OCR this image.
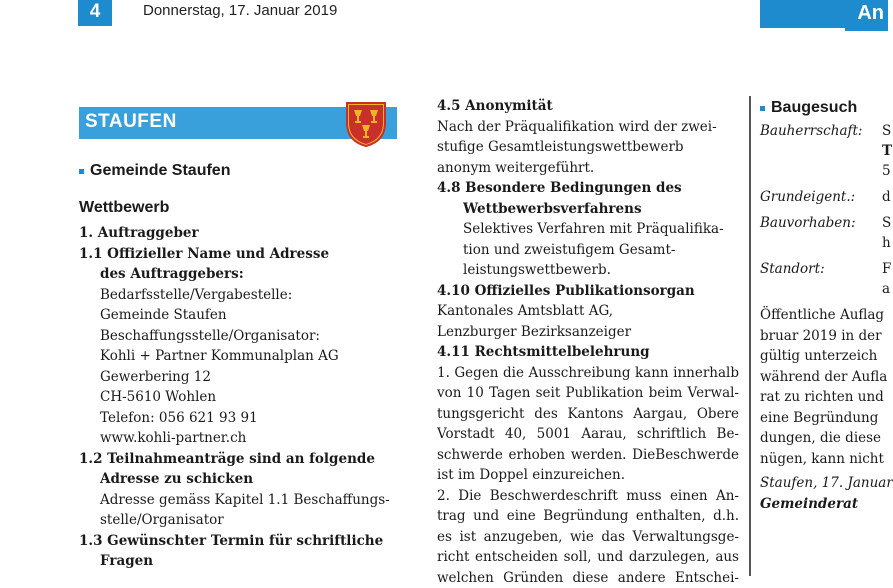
4	Donnerstag, 17. Januar 2019	An
STAUFEN
Gemeinde Staufen
Wettbewerb
1. Auftraggeber
1.1 Offizieller Name und Adresse
des Auftraggebers:
Bedarfsstelle/Vergabestelle:
Gemeinde Staufen
Beschaffungsstelle/Organisator:
Kohli + Partner Kommunalplan AG
Gewerbering 12
CH-5610 Wohlen
Telefon: 056 621 93 91
www.kohli-partner.ch
1.2 Teilnahmeanträge sind an folgende
Adresse zu schicken
Adresse gemäss Kapitel 1.1 Beschaffungs-
stelle/Organisator
1.3 Gewünschter Termin für schriftliche
Fragen
4.5 Anonymität
Nach der Präqualifikation wird der zwei-
stufige Gesamtleistungswettbewerb
anonym weitergeführt.
4.8 Besondere Bedingungen des
Wettbewerbsverfahrens
Selektives Verfahren mit Präqualifika-
tion und zweistufigem Gesamt-
leistungswettbewerb.
4.10 Offizielles Publikationsorgan
Kantonales Amtsblatt AG,
Lenzburger Bezirksanzeiger
4.11 Rechtsmittelbelehrung
1. Gegen die Ausschreibung kann innerhalb
von 10 Tagen seit Publikation beim Verwal-
tungsgericht des Kantons Aargau, Obere
Vorstadt 40, 5001 Aarau, schriftlich Be-
schwerde erhoben werden. DieBeschwerde
ist im Doppel einzureichen.
2. Die Beschwerdeschrift muss einen An-
trag und eine Begründung enthalten, d.h.
es ist anzugeben, wie das Verwaltungsge-
richt entscheiden soll, und darzulegen, aus
welchen Gründen diese andere Entschei-
Baugesuch
Bauherrschaft: S
T
5
Grundeigent.: d
Bauvorhaben: S
h
Standort:	F
a
Öffentliche Auflag
bruar 2019 in der
gültig unterzeich
während der Aufla
rat zu richten und
eine Begründung
dungen, die diese
nügen, kann nicht
Staufen, 17. Januar
Gemeinderat
